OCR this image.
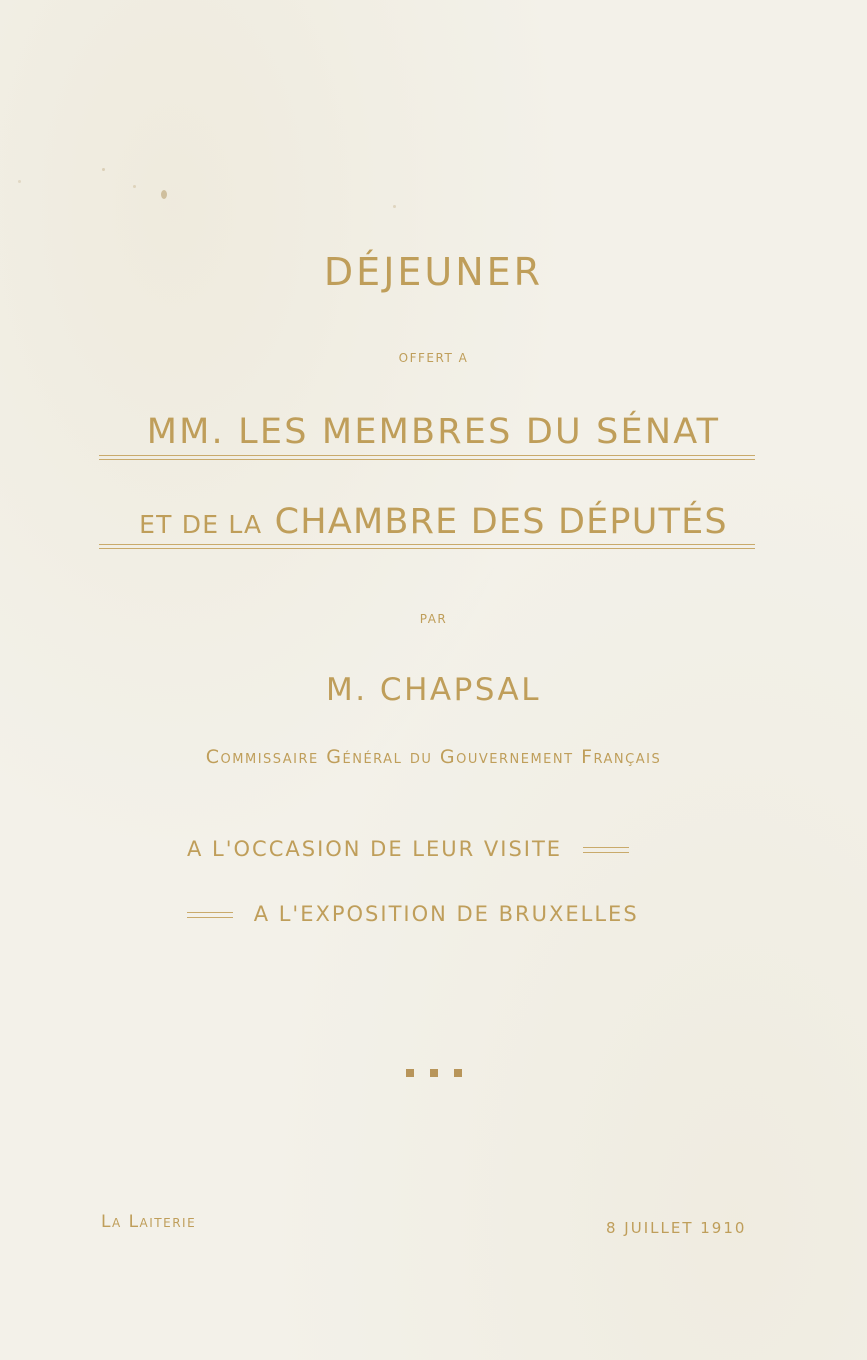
DÉJEUNER
OFFERT A
MM. LES MEMBRES DU SÉNAT
ET DE LA CHAMBRE DES DÉPUTÉS
PAR
M. CHAPSAL
Commissaire Général du Gouvernement Français
A L'OCCASION DE LEUR VISITE
A L'EXPOSITION DE BRUXELLES
La Laiterie	8 JUILLET 1910
